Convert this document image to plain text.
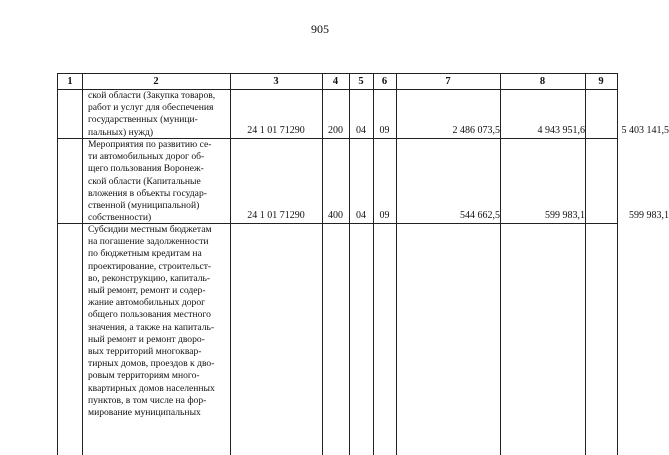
905
1	2	3	4	5	6	7	8	9
ской области (Закупка товаров,
работ и услуг для обеспечения
государственных (муници-
пальных) нужд)	24 1 01 71290	200	04	09	2 486 073,5	4 943 951,6	5 403 141,5
Мероприятия по развитию се-
ти автомобильных дорог об-
щего пользования Воронеж-
ской области (Капитальные
вложения в объекты государ-
ственной (муниципальной)
собственности)	24 1 01 71290	400	04	09	544 662,5	599 983,1	599 983,1
Субсидии местным бюджетам
на погашение задолженности
по бюджетным кредитам на
проектирование, строительст-
во, реконструкцию, капиталь-
ный ремонт, ремонт и содер-
жание автомобильных дорог
общего пользования местного
значения, а также на капиталь-
ный ремонт и ремонт дворо-
вых территорий многоквар-
тирных домов, проездов к дво-
ровым территориям много-
квартирных домов населенных
пунктов, в том числе на фор-
мирование муниципальных
